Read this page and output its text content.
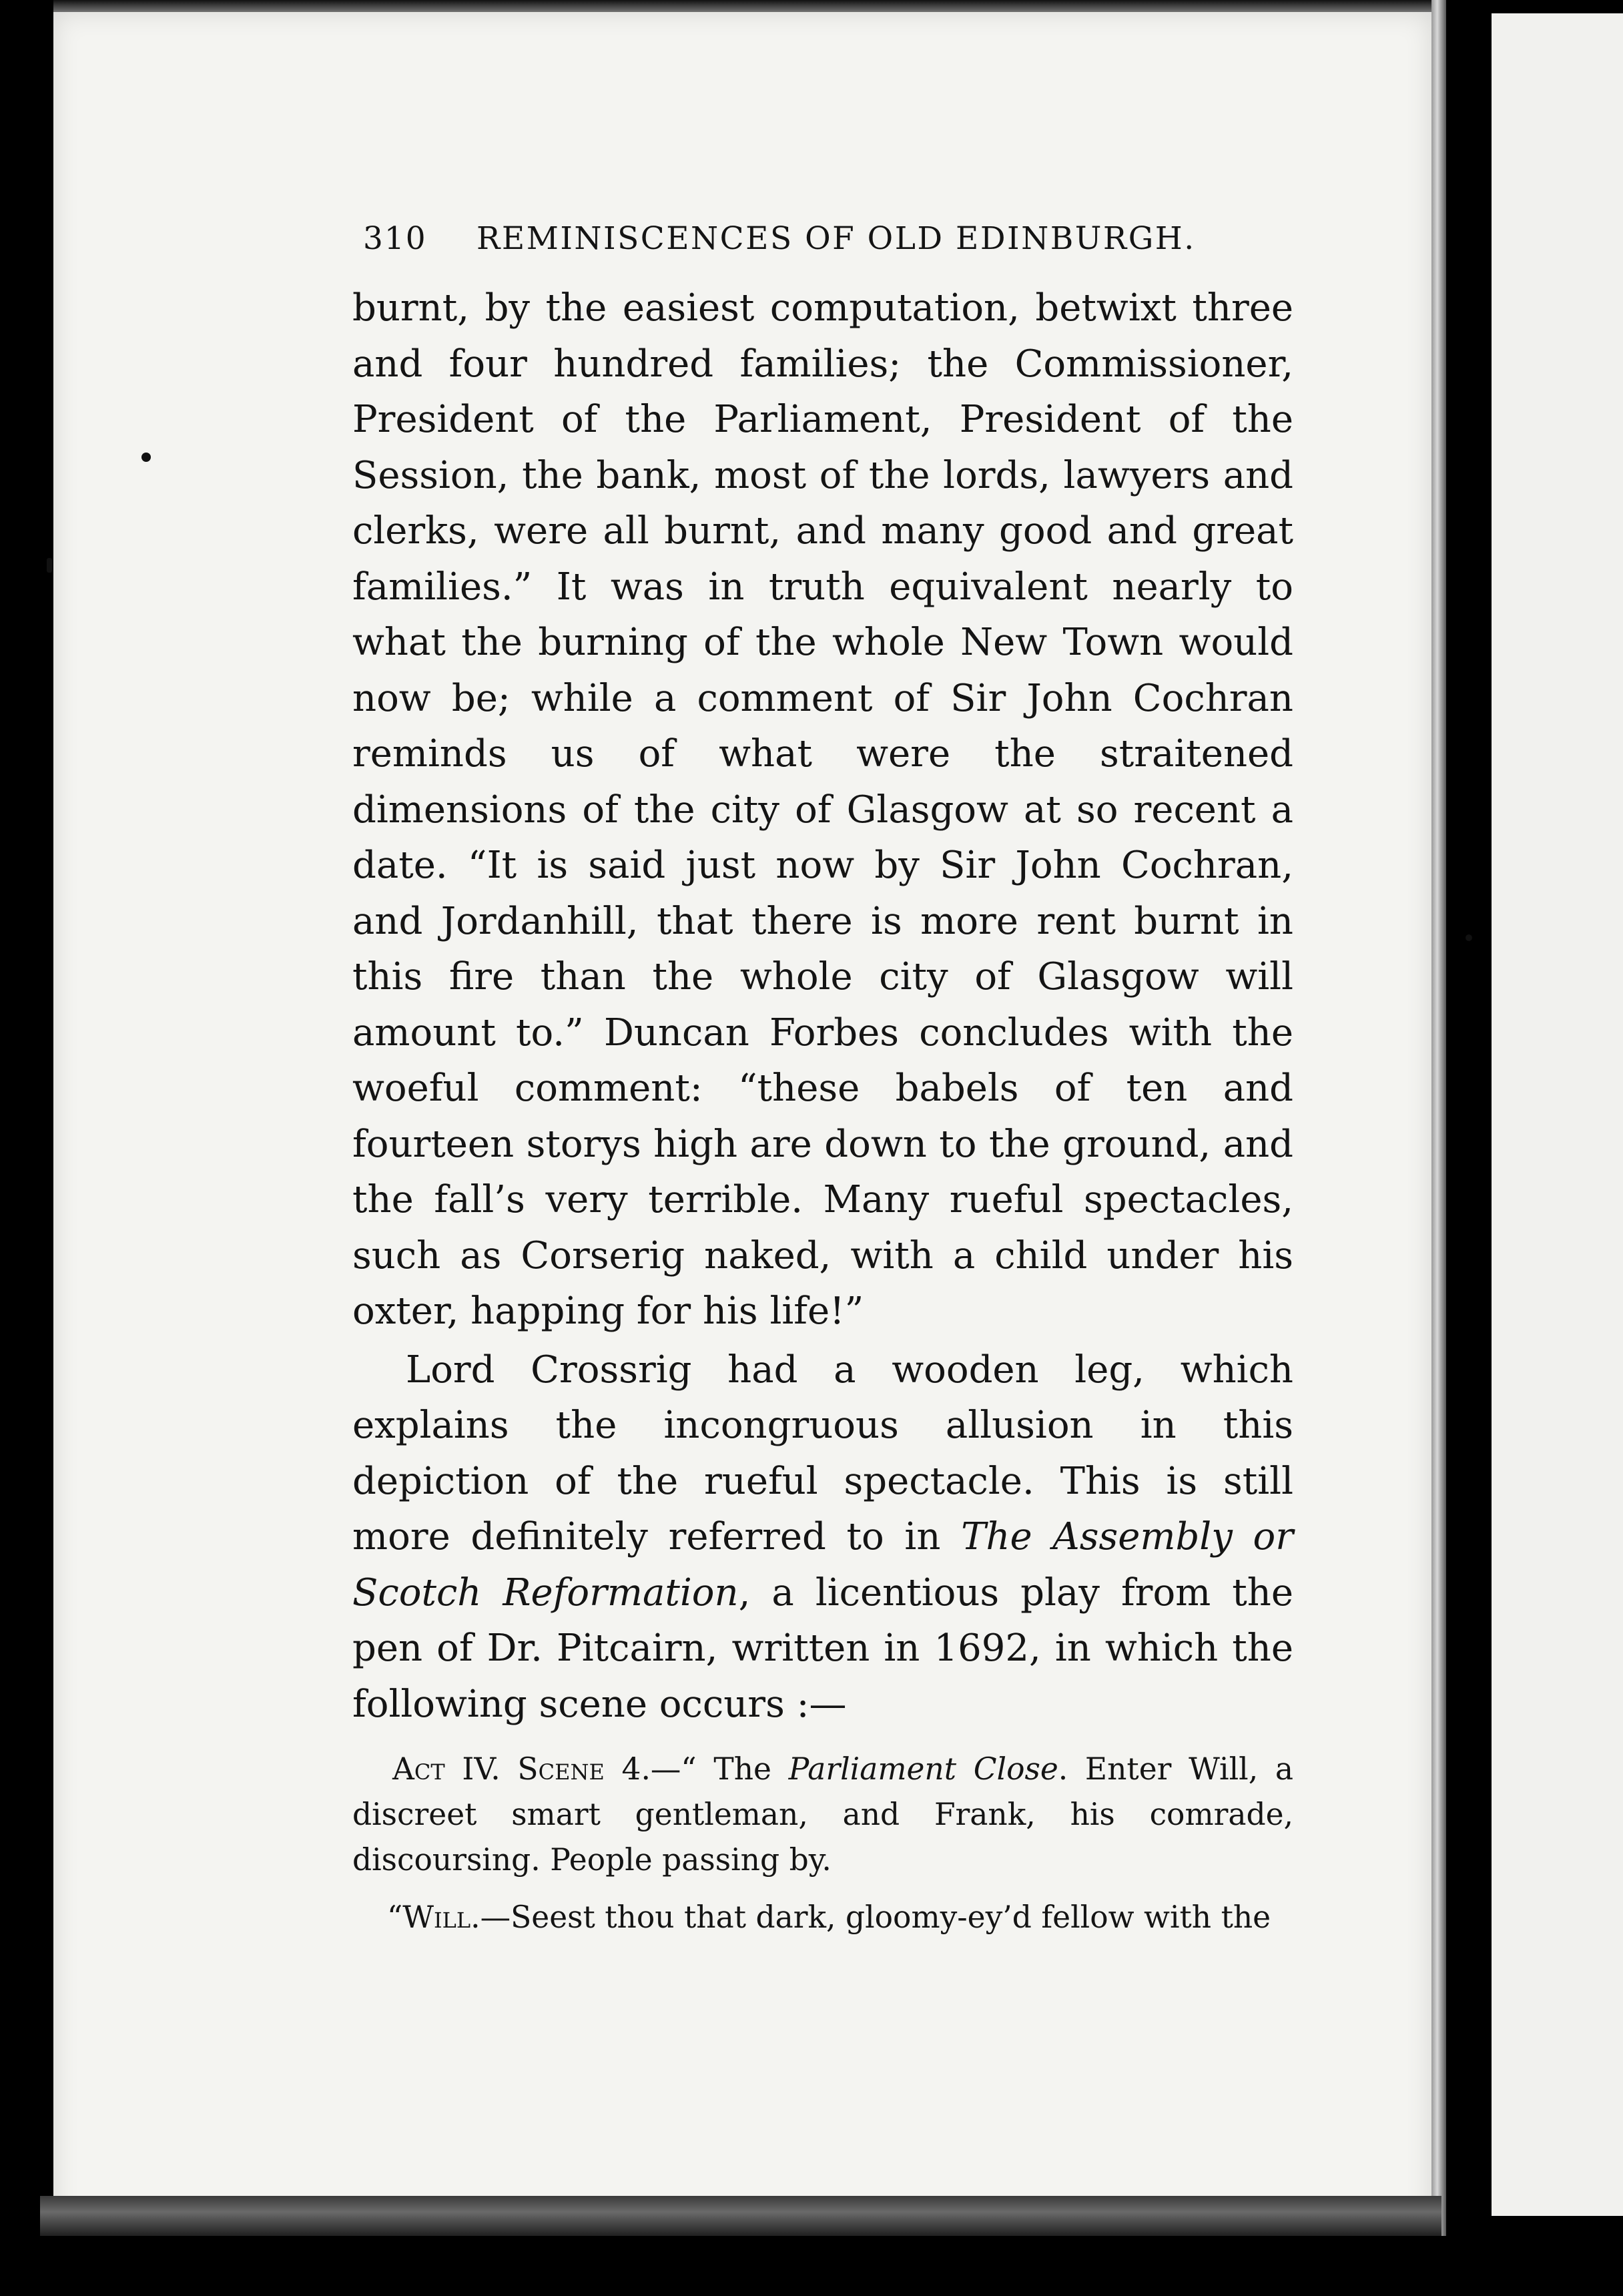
310	REMINISCENCES OF OLD EDINBURGH.

burnt, by the easiest computation, betwixt three and four hundred families; the Commissioner, President of the Parliament, President of the Session, the bank, most of the lords, lawyers and clerks, were all burnt, and many good and great families.” It was in truth equivalent nearly to what the burning of the whole New Town would now be; while a comment of Sir John Cochran reminds us of what were the straitened dimensions of the city of Glasgow at so recent a date. “It is said just now by Sir John Cochran, and Jordanhill, that there is more rent burnt in this fire than the whole city of Glasgow will amount to.” Duncan Forbes concludes with the woeful comment: “these babels of ten and fourteen storys high are down to the ground, and the fall’s very terrible. Many rueful spectacles, such as Corserig naked, with a child under his oxter, happing for his life!”

Lord Crossrig had a wooden leg, which explains the incongruous allusion in this depiction of the rueful spectacle. This is still more definitely referred to in The Assembly or Scotch Reformation, a licentious play from the pen of Dr. Pitcairn, written in 1692, in which the following scene occurs :—

Act IV. Scene 4.—“ The Parliament Close. Enter Will, a discreet smart gentleman, and Frank, his comrade, discoursing. People passing by.

“Will.—Seest thou that dark, gloomy-ey’d fellow with the
